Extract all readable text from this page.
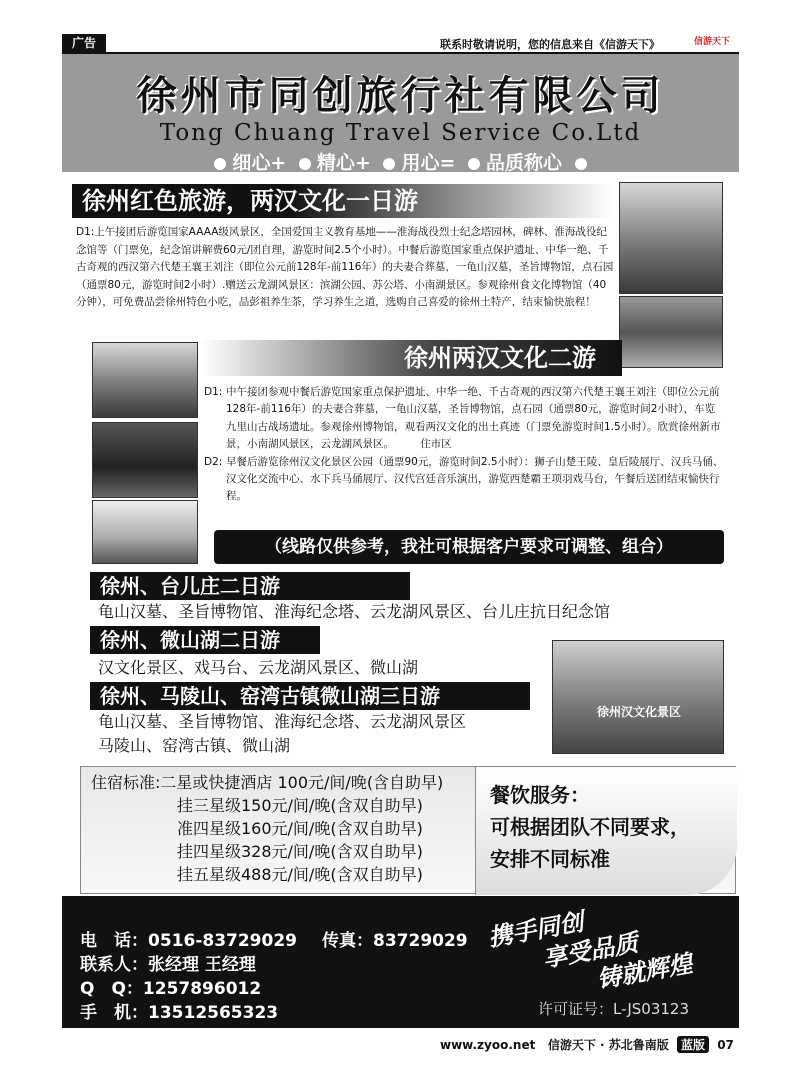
广告	联系时敬请说明，您的信息来自《信游天下》	信游天下
徐州市同创旅行社有限公司
Tong Chuang Travel Service Co.Ltd
细心+ 精心+ 用心= 品质称心
徐州红色旅游，两汉文化一日游
D1:上午接团后游览国家AAAA级风景区，全国爱国主义教育基地——淮海战役烈士纪念塔园林，碑林、淮海战役纪念馆等（门票免，纪念馆讲解费60元/团自理，游览时间2.5个小时）。中餐后游览国家重点保护遗址、中华一绝、千古奇观的西汉第六代楚王襄王刘注（即位公元前128年-前116年）的夫妻合葬墓，一龟山汉墓，圣旨博物馆，点石园（通票80元，游览时间2小时）.赠送云龙湖风景区：滨湖公园、苏公塔、小南湖景区。参观徐州食文化博物馆（40分钟），可免费品尝徐州特色小吃，品彭祖养生茶，学习养生之道，选购自己喜爱的徐州土特产，结束愉快旅程！
徐州两汉文化二游
D1: 中午接团参观中餐后游览国家重点保护遗址、中华一绝、千古奇观的西汉第六代楚王襄王刘注（即位公元前128年-前116年）的夫妻合葬墓，一龟山汉墓，圣旨博物馆，点石园（通票80元，游览时间2小时），车览九里山古战场遗址。参观徐州博物馆，观看两汉文化的出土真迹（门票免游览时间1.5小时）。欣赏徐州新市景，小南湖风景区，云龙湖风景区。　　　住市区
D2: 早餐后游览徐州汉文化景区公园（通票90元，游览时间2.5小时）：狮子山楚王陵、皇后陵展厅、汉兵马俑、汉文化交流中心、水下兵马俑展厅、汉代宫廷音乐演出，游览西楚霸王项羽戏马台，午餐后送团结束愉快行程。
（线路仅供参考，我社可根据客户要求可调整、组合）
徐州、台儿庄二日游
龟山汉墓、圣旨博物馆、淮海纪念塔、云龙湖风景区、台儿庄抗日纪念馆
徐州、微山湖二日游
汉文化景区、戏马台、云龙湖风景区、微山湖
徐州、马陵山、窑湾古镇微山湖三日游
龟山汉墓、圣旨博物馆、淮海纪念塔、云龙湖风景区
马陵山、窑湾古镇、微山湖
徐州汉文化景区
住宿标准:二星或快捷酒店 100元/间/晚(含自助早)
挂三星级150元/间/晚(含双自助早)
准四星级160元/间/晚(含双自助早)
挂四星级328元/间/晚(含双自助早)
挂五星级488元/间/晚(含双自助早)
餐饮服务：
可根据团队不同要求，
安排不同标准
电　话：0516-83729029 传真：83729029
联系人：张经理 王经理
Q　Q：1257896012
手　机：13512565323
携手同创
享受品质
铸就辉煌
许可证号：L-JS03123
www.zyoo.net 信游天下 · 苏北鲁南版 蓝版 07
